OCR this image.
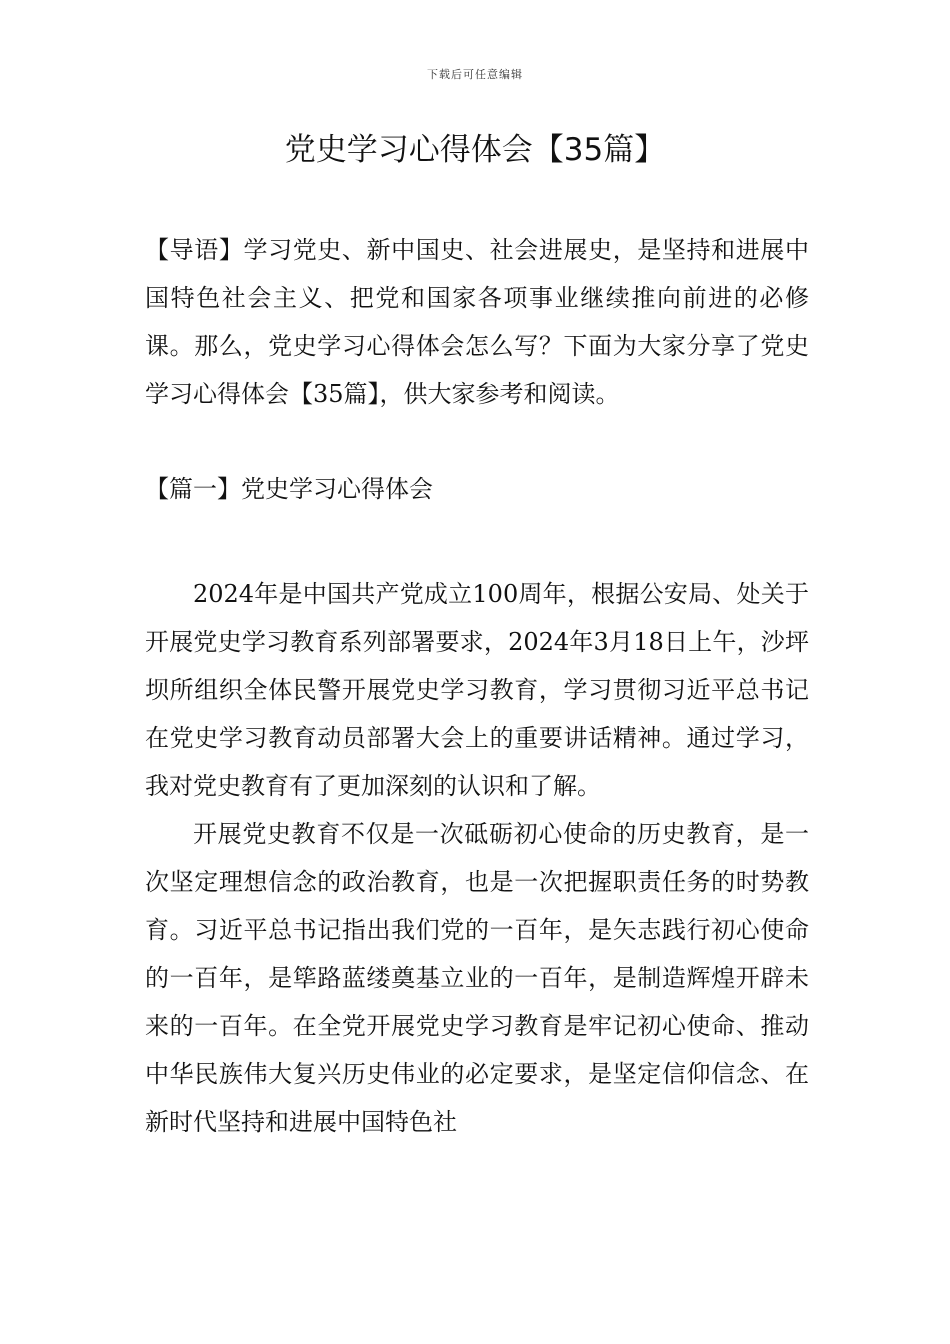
下载后可任意编辑
党史学习心得体会【35篇】

【导语】学习党史、新中国史、社会进展史，是坚持和进展中国特色社会主义、把党和国家各项事业继续推向前进的必修课。那么，党史学习心得体会怎么写？下面为大家分享了党史学习心得体会【35篇】，供大家参考和阅读。

【篇一】党史学习心得体会

2024年是中国共产党成立100周年，根据公安局、处关于开展党史学习教育系列部署要求，2024年3月18日上午，沙坪坝所组织全体民警开展党史学习教育，学习贯彻习近平总书记在党史学习教育动员部署大会上的重要讲话精神。通过学习，我对党史教育有了更加深刻的认识和了解。

开展党史教育不仅是一次砥砺初心使命的历史教育，是一次坚定理想信念的政治教育，也是一次把握职责任务的时势教育。习近平总书记指出我们党的一百年，是矢志践行初心使命的一百年，是筚路蓝缕奠基立业的一百年，是制造辉煌开辟未来的一百年。在全党开展党史学习教育是牢记初心使命、推动中华民族伟大复兴历史伟业的必定要求，是坚定信仰信念、在新时代坚持和进展中国特色社
